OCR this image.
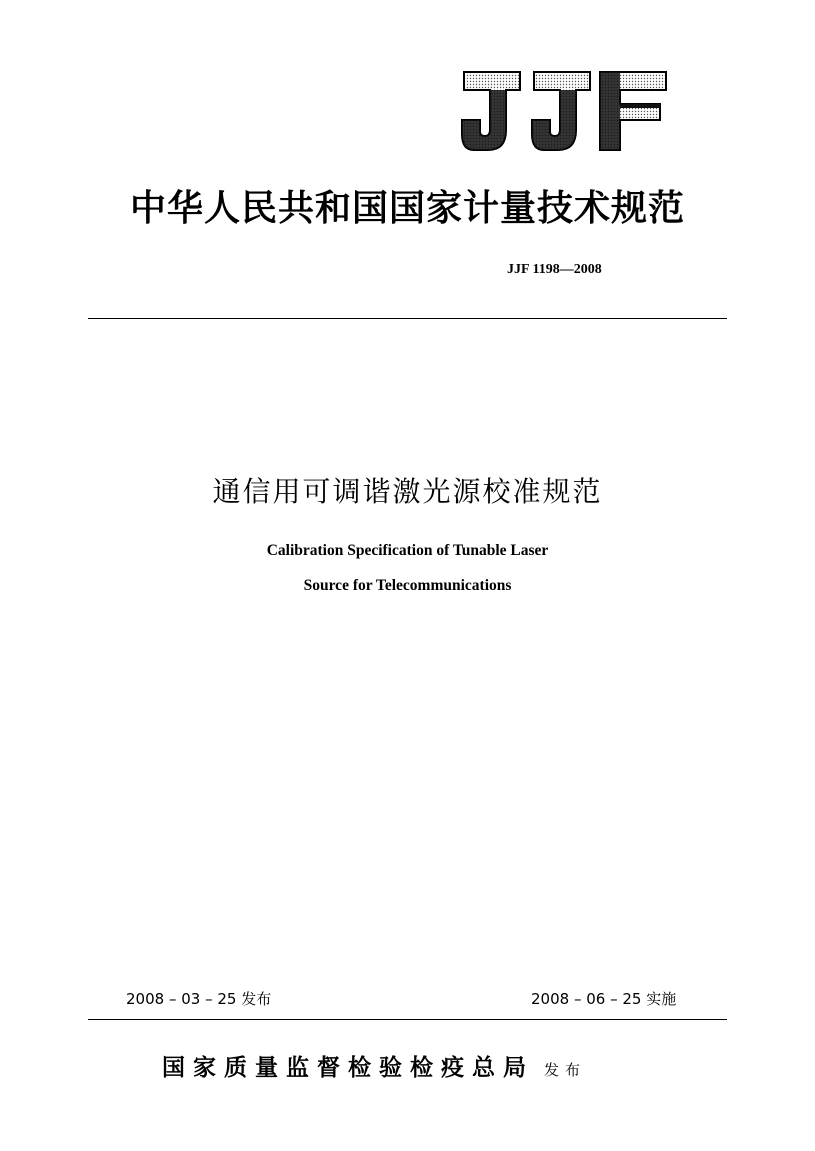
中华人民共和国国家计量技术规范
JJF 1198—2008
通信用可调谐激光源校准规范
Calibration Specification of Tunable Laser
Source for Telecommunications
2008 – 03 – 25 发布	2008 – 06 – 25 实施
国家质量监督检验检疫总局 发布
